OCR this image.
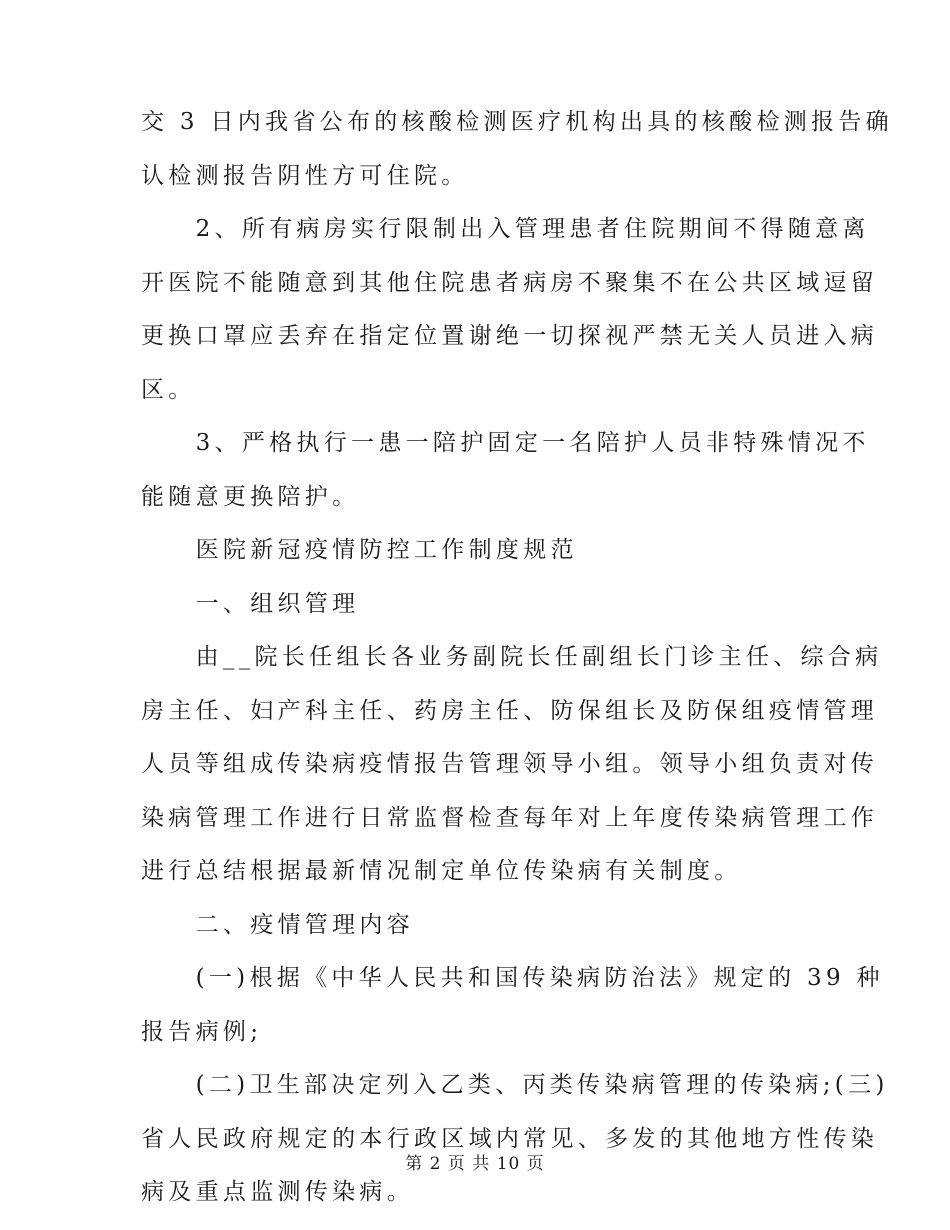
交 3 日内我省公布的核酸检测医疗机构出具的核酸检测报告确
认检测报告阴性方可住院。
　　2、所有病房实行限制出入管理患者住院期间不得随意离
开医院不能随意到其他住院患者病房不聚集不在公共区域逗留
更换口罩应丢弃在指定位置谢绝一切探视严禁无关人员进入病
区。
　　3、严格执行一患一陪护固定一名陪护人员非特殊情况不
能随意更换陪护。
　　医院新冠疫情防控工作制度规范
　　一、组织管理
　　由__院长任组长各业务副院长任副组长门诊主任、综合病
房主任、妇产科主任、药房主任、防保组长及防保组疫情管理
人员等组成传染病疫情报告管理领导小组。领导小组负责对传
染病管理工作进行日常监督检查每年对上年度传染病管理工作
进行总结根据最新情况制定单位传染病有关制度。
　　二、疫情管理内容
　　(一)根据《中华人民共和国传染病防治法》规定的 39 种
报告病例;
　　(二)卫生部决定列入乙类、丙类传染病管理的传染病;(三)
省人民政府规定的本行政区域内常见、多发的其他地方性传染
病及重点监测传染病。
第 2 页 共 10 页
